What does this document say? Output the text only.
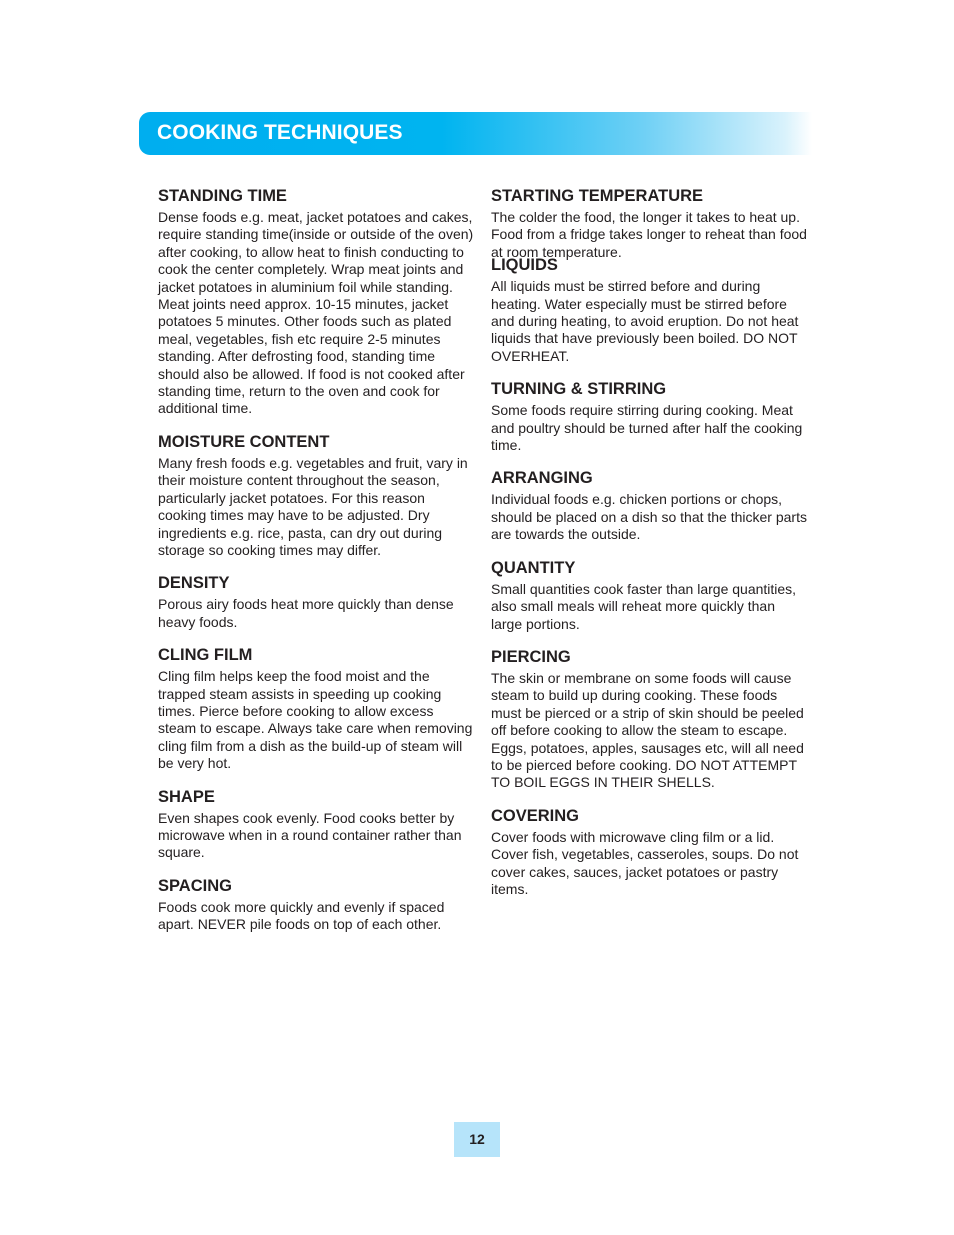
COOKING TECHNIQUES
STANDING TIME

Dense foods e.g. meat, jacket potatoes and cakes, require standing time(inside or outside of the oven) after cooking, to allow heat to finish conducting to cook the center completely. Wrap meat joints and jacket potatoes in aluminium foil while standing. Meat joints need approx. 10-15 minutes, jacket potatoes 5 minutes. Other foods such as plated meal, vegetables, fish etc require 2-5 minutes standing. After defrosting food, standing time should also be allowed. If food is not cooked after standing time, return to the oven and cook for additional time.

MOISTURE CONTENT

Many fresh foods e.g. vegetables and fruit, vary in their moisture content throughout the season, particularly jacket potatoes. For this reason cooking times may have to be adjusted. Dry ingredients e.g. rice, pasta, can dry out during storage so cooking times may differ.

DENSITY

Porous airy foods heat more quickly than dense heavy foods.

CLING FILM

Cling film helps keep the food moist and the trapped steam assists in speeding up cooking times. Pierce before cooking to allow excess steam to escape. Always take care when removing cling film from a dish as the build-up of steam will be very hot.

SHAPE

Even shapes cook evenly. Food cooks better by microwave when in a round container rather than square.

SPACING

Foods cook more quickly and evenly if spaced apart. NEVER pile foods on top of each other.

STARTING TEMPERATURE

The colder the food, the longer it takes to heat up. Food from a fridge takes longer to reheat than food at room temperature.

LIQUIDS

All liquids must be stirred before and during heating. Water especially must be stirred before and during heating, to avoid eruption. Do not heat liquids that have previously been boiled. DO NOT OVERHEAT.

TURNING & STIRRING

Some foods require stirring during cooking. Meat and poultry should be turned after half the cooking time.

ARRANGING

Individual foods e.g. chicken portions or chops, should be placed on a dish so that the thicker parts are towards the outside.

QUANTITY

Small quantities cook faster than large quantities, also small meals will reheat more quickly than large portions.

PIERCING

The skin or membrane on some foods will cause steam to build up during cooking. These foods must be pierced or a strip of skin should be peeled off before cooking to allow the steam to escape. Eggs, potatoes, apples, sausages etc, will all need to be pierced before cooking. DO NOT ATTEMPT TO BOIL EGGS IN THEIR SHELLS.

COVERING

Cover foods with microwave cling film or a lid. Cover fish, vegetables, casseroles, soups. Do not cover cakes, sauces, jacket potatoes or pastry items.

12
